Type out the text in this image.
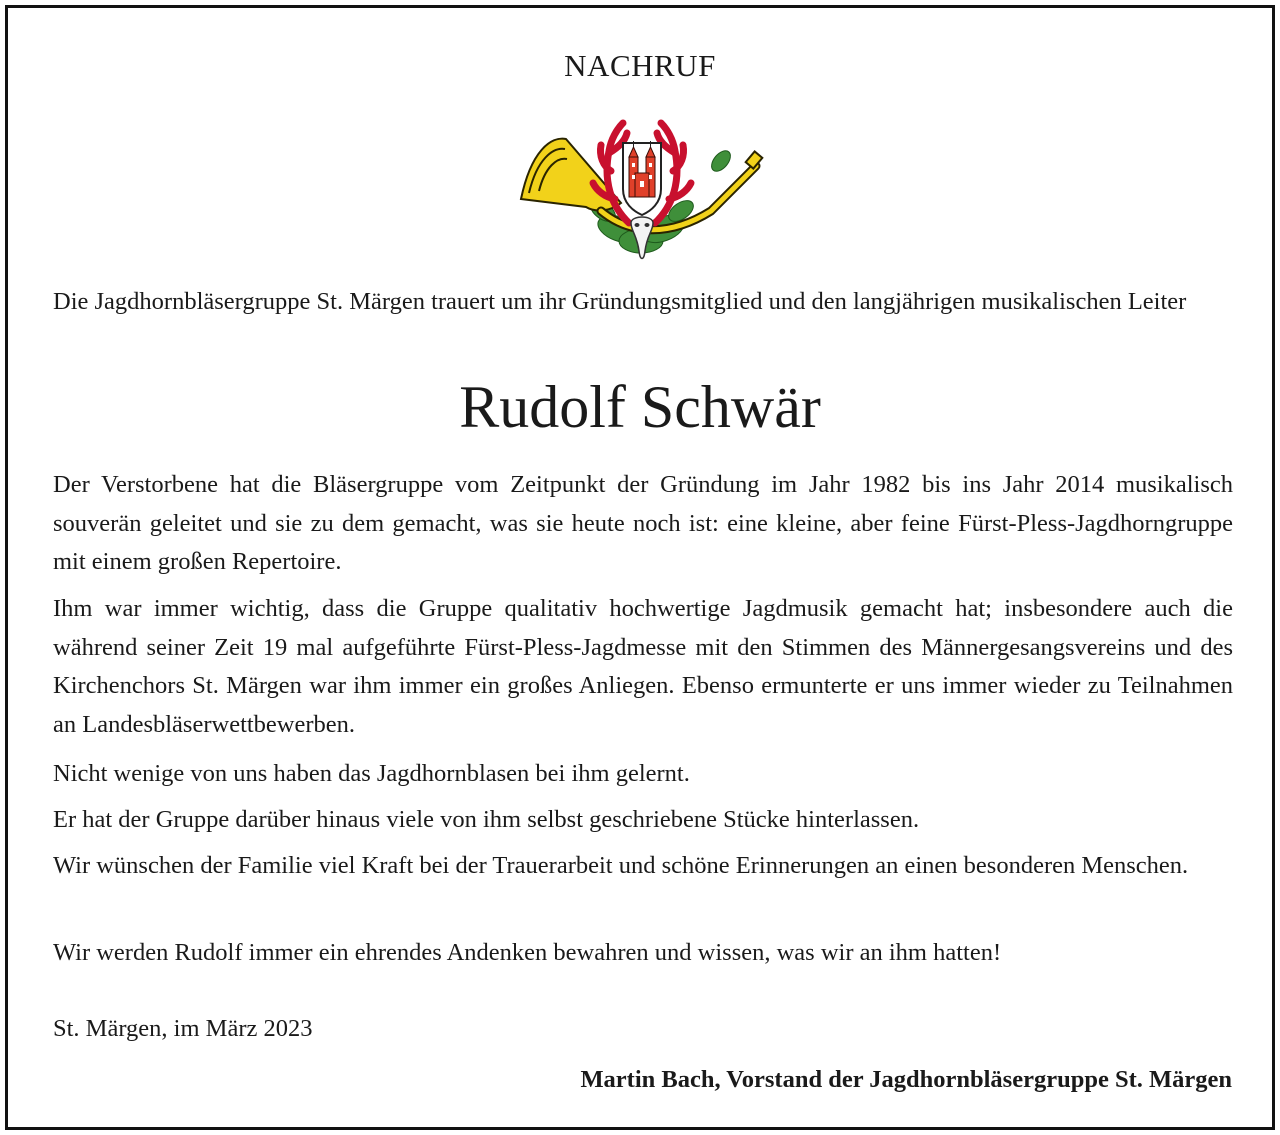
NACHRUF

Die Jagdhornbläsergruppe St. Märgen trauert um ihr Gründungsmitglied und den langjährigen musikalischen Leiter

Rudolf Schwär

Der Verstorbene hat die Bläsergruppe vom Zeitpunkt der Gründung im Jahr 1982 bis ins Jahr 2014 musikalisch souverän geleitet und sie zu dem gemacht, was sie heute noch ist: eine kleine, aber feine Fürst-Pless-Jagdhorngruppe mit einem großen Repertoire.

Ihm war immer wichtig, dass die Gruppe qualitativ hochwertige Jagdmusik gemacht hat; insbesondere auch die während seiner Zeit 19 mal aufgeführte Fürst-Pless-Jagdmesse mit den Stimmen des Männergesangsvereins und des Kirchenchors St. Märgen war ihm immer ein großes Anliegen. Ebenso ermunterte er uns immer wieder zu Teilnahmen an Landesbläserwettbewerben.

Nicht wenige von uns haben das Jagdhornblasen bei ihm gelernt.

Er hat der Gruppe darüber hinaus viele von ihm selbst geschriebene Stücke hinterlassen.

Wir wünschen der Familie viel Kraft bei der Trauerarbeit und schöne Erinnerungen an einen besonderen Menschen.

Wir werden Rudolf immer ein ehrendes Andenken bewahren und wissen, was wir an ihm hatten!

St. Märgen, im März 2023
Martin Bach, Vorstand der Jagdhornbläsergruppe St. Märgen
